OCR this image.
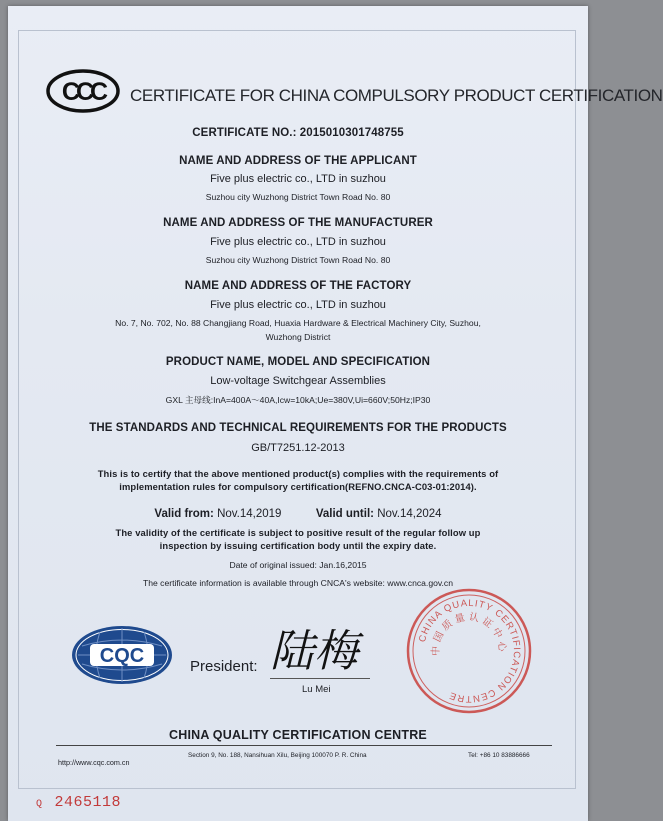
CCC CERTIFICATE FOR CHINA COMPULSORY PRODUCT CERTIFICATION
CERTIFICATE NO.: 2015010301748755
NAME AND ADDRESS OF THE APPLICANT
Five plus electric co., LTD in suzhou
Suzhou city Wuzhong District Town Road No. 80
NAME AND ADDRESS OF THE MANUFACTURER
Five plus electric co., LTD in suzhou
Suzhou city Wuzhong District Town Road No. 80
NAME AND ADDRESS OF THE FACTORY
Five plus electric co., LTD in suzhou
No. 7, No. 702, No. 88 Changjiang Road, Huaxia Hardware & Electrical Machinery City, Suzhou,
Wuzhong District
PRODUCT NAME, MODEL AND SPECIFICATION
Low-voltage Switchgear Assemblies
GXL 主母线:InA=400A～40A,Icw=10kA;Ue=380V,Ui=660V;50Hz;IP30
THE STANDARDS AND TECHNICAL REQUIREMENTS FOR THE PRODUCTS
GB/T7251.12-2013
This is to certify that the above mentioned product(s) complies with the requirements of
implementation rules for compulsory certification(REFNO.CNCA-C03-01:2014).
Valid from: Nov.14,2019	Valid until: Nov.14,2024
The validity of the certificate is subject to positive result of the regular follow up
inspection by issuing certification body until the expiry date.
Date of original issued: Jan.16,2015
The certificate information is available through CNCA's website: www.cnca.gov.cn
CQC	President: 陆梅
Lu Mei
CHINA QUALITY CERTIFICATION CENTRE
中国质量认证中心
CHINA QUALITY CERTIFICATION CENTRE
http://www.cqc.com.cn
Section 9, No. 188, Nansihuan Xilu, Beijing 100070 P. R. China	Tel: +86 10 83886666
Q 2465118
